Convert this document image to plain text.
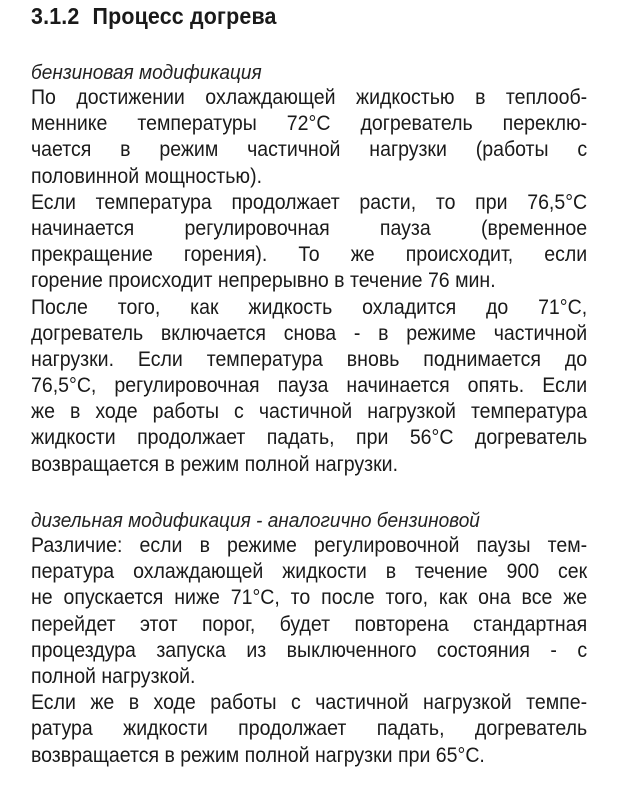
3.1.2 Процесс догрева
бензиновая модификация
По достижении охлаждающей жидкостью в теплооб-
меннике температуры 72°C догреватель переклю-
чается в режим частичной нагрузки (работы с
половинной мощностью).
Если температура продолжает расти, то при 76,5°C
начинается регулировочная пауза (временное
прекращение горения). То же происходит, если
горение происходит непрерывно в течение 76 мин.
После того, как жидкость охладится до 71°C,
догреватель включается снова - в режиме частичной
нагрузки. Если температура вновь поднимается до
76,5°C, регулировочная пауза начинается опять. Если
же в ходе работы с частичной нагрузкой температура
жидкости продолжает падать, при 56°C догреватель
возвращается в режим полной нагрузки.
дизельная модификация - аналогично бензиновой
Различие: если в режиме регулировочной паузы тем-
пература охлаждающей жидкости в течение 900 сек
не опускается ниже 71°C, то после того, как она все же
перейдет этот порог, будет повторена стандартная
процездура запуска из выключенного состояния - с
полной нагрузкой.
Если же в ходе работы с частичной нагрузкой темпе-
ратура жидкости продолжает падать, догреватель
возвращается в режим полной нагрузки при 65°C.
